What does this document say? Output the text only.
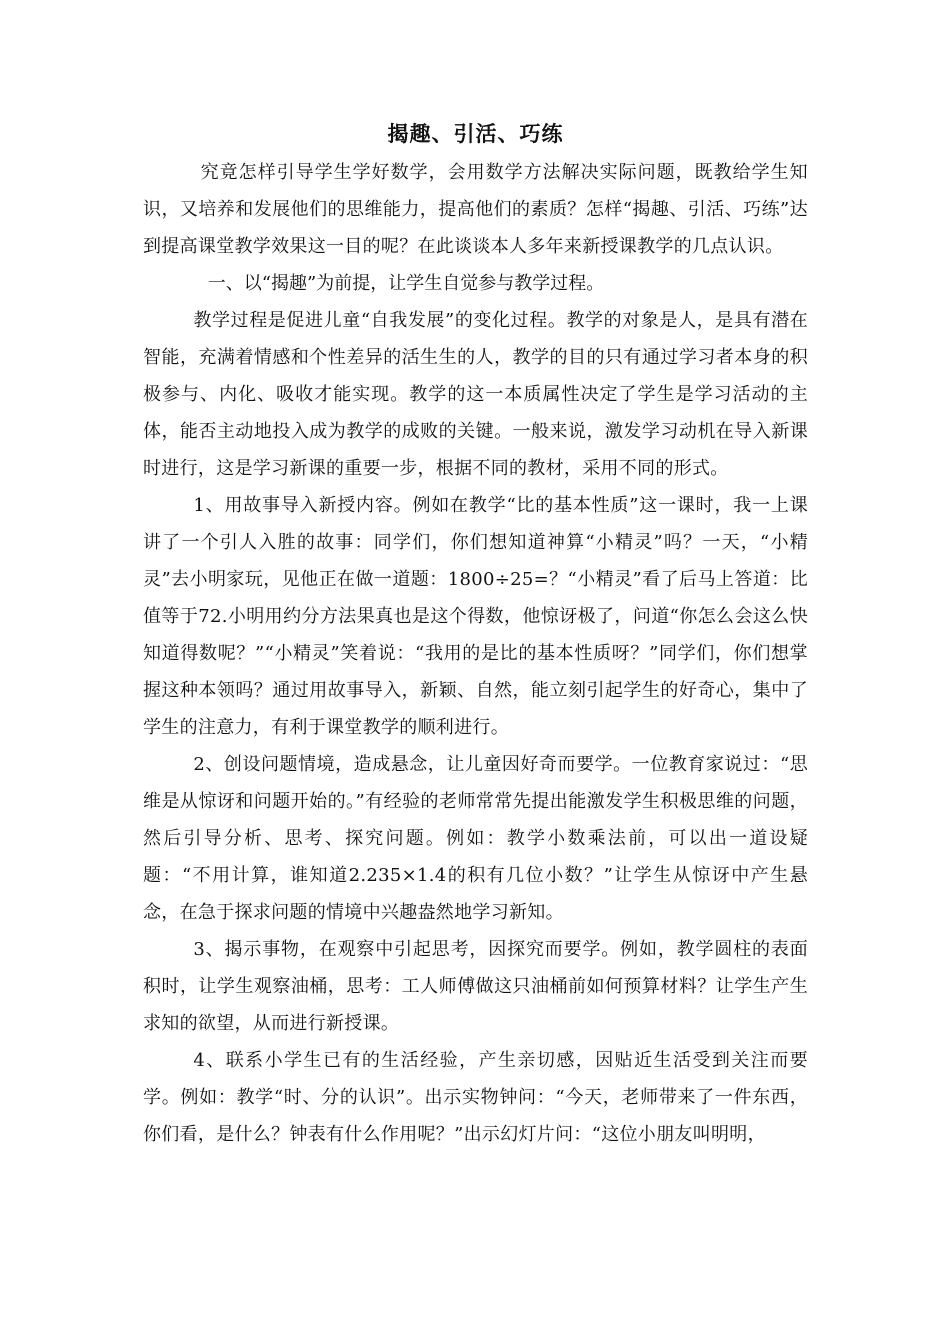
揭趣、引活、巧练

究竟怎样引导学生学好数学，会用数学方法解决实际问题，既教给学生知识，又培养和发展他们的思维能力，提高他们的素质？怎样“揭趣、引活、巧练”达到提高课堂教学效果这一目的呢？在此谈谈本人多年来新授课教学的几点认识。

一、以“揭趣”为前提，让学生自觉参与教学过程。

教学过程是促进儿童“自我发展”的变化过程。教学的对象是人，是具有潜在智能，充满着情感和个性差异的活生生的人，教学的目的只有通过学习者本身的积极参与、内化、吸收才能实现。教学的这一本质属性决定了学生是学习活动的主体，能否主动地投入成为教学的成败的关键。一般来说，激发学习动机在导入新课时进行，这是学习新课的重要一步，根据不同的教材，采用不同的形式。

1、用故事导入新授内容。例如在教学“比的基本性质”这一课时，我一上课讲了一个引人入胜的故事：同学们，你们想知道神算“小精灵”吗？一天，“小精灵”去小明家玩，见他正在做一道题：1800÷25=？“小精灵”看了后马上答道：比值等于72.小明用约分方法果真也是这个得数，他惊讶极了，问道“你怎么会这么快知道得数呢？”“小精灵”笑着说：“我用的是比的基本性质呀？”同学们，你们想掌握这种本领吗？通过用故事导入，新颖、自然，能立刻引起学生的好奇心，集中了学生的注意力，有利于课堂教学的顺利进行。

2、创设问题情境，造成悬念，让儿童因好奇而要学。一位教育家说过：“思维是从惊讶和问题开始的。”有经验的老师常常先提出能激发学生积极思维的问题，然后引导分析、思考、探究问题。例如：教学小数乘法前，可以出一道设疑题：“不用计算，谁知道2.235×1.4的积有几位小数？”让学生从惊讶中产生悬念，在急于探求问题的情境中兴趣盎然地学习新知。

3、揭示事物，在观察中引起思考，因探究而要学。例如，教学圆柱的表面积时，让学生观察油桶，思考：工人师傅做这只油桶前如何预算材料？让学生产生求知的欲望，从而进行新授课。

4、联系小学生已有的生活经验，产生亲切感，因贴近生活受到关注而要学。例如：教学“时、分的认识”。出示实物钟问：“今天，老师带来了一件东西，你们看，是什么？钟表有什么作用呢？”出示幻灯片问：“这位小朋友叫明明，
